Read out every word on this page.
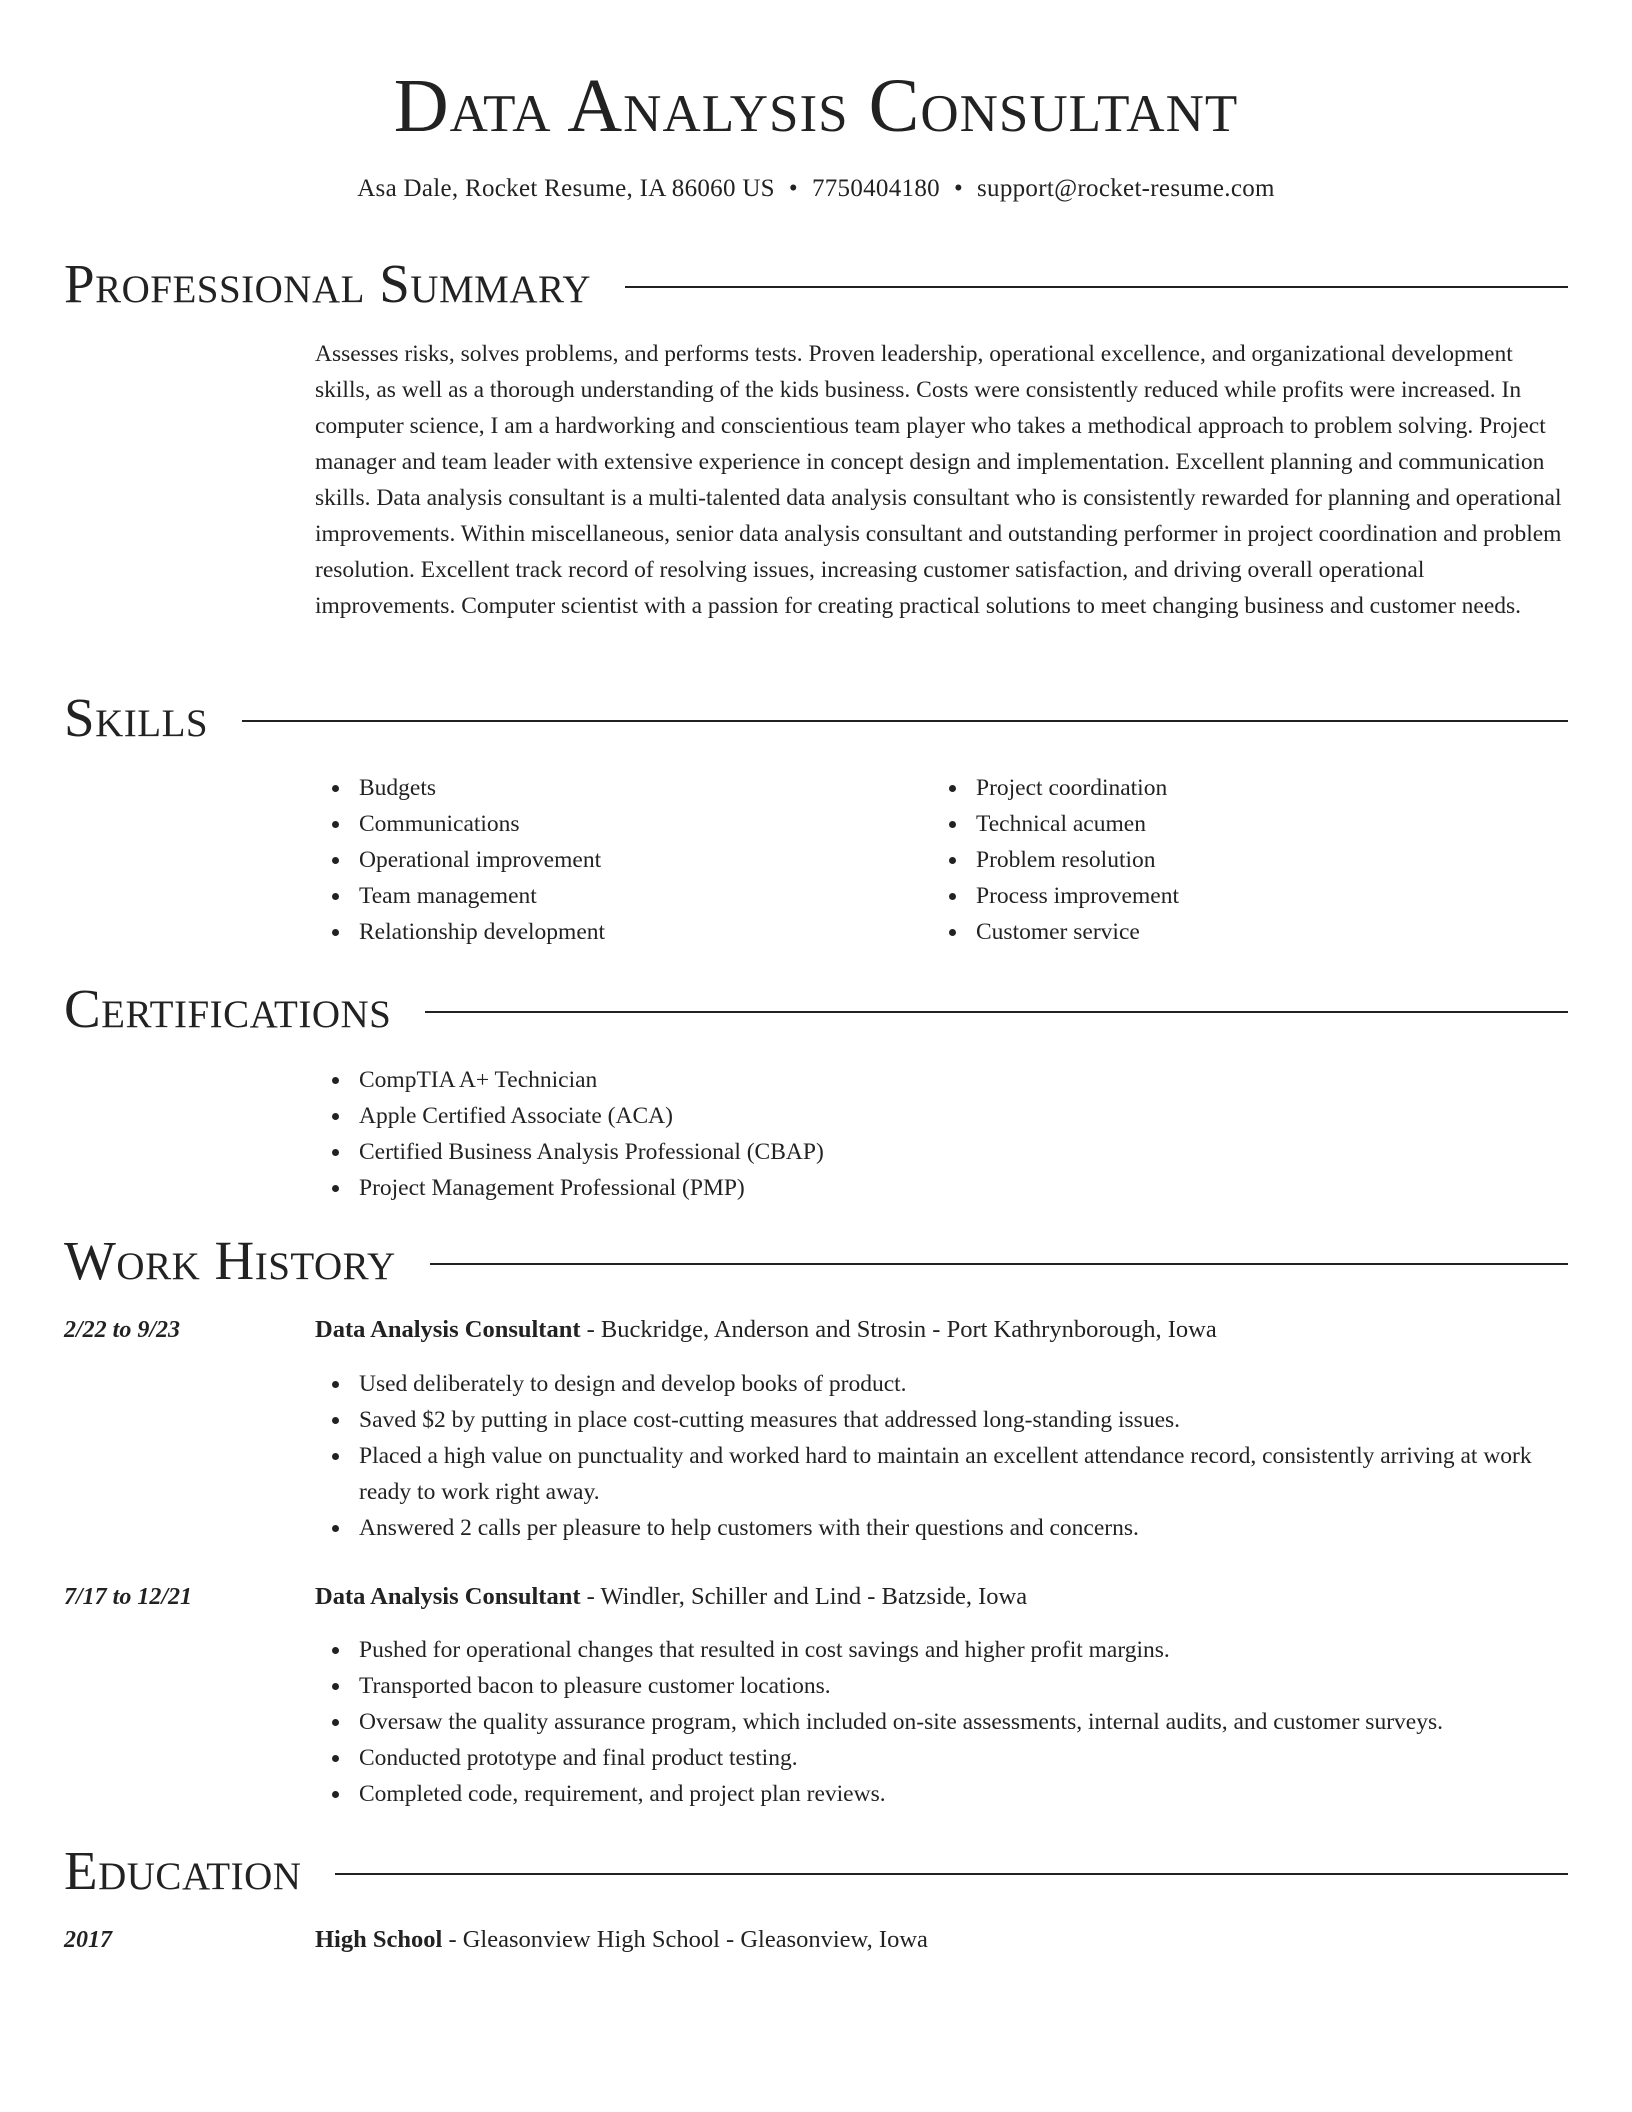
Data Analysis Consultant
Asa Dale, Rocket Resume, IA 86060 US • 7750404180 • support@rocket-resume.com
Professional Summary

Assesses risks, solves problems, and performs tests. Proven leadership, operational excellence, and organizational development skills, as well as a thorough understanding of the kids business. Costs were consistently reduced while profits were increased. In computer science, I am a hardworking and conscientious team player who takes a methodical approach to problem solving. Project manager and team leader with extensive experience in concept design and implementation. Excellent planning and communication skills. Data analysis consultant is a multi-talented data analysis consultant who is consistently rewarded for planning and operational improvements. Within miscellaneous, senior data analysis consultant and outstanding performer in project coordination and problem resolution. Excellent track record of resolving issues, increasing customer satisfaction, and driving overall operational improvements. Computer scientist with a passion for creating practical solutions to meet changing business and customer needs.

Skills
Budgets
Communications
Operational improvement
Team management
Relationship development
Project coordination
Technical acumen
Problem resolution
Process improvement
Customer service
Certifications
CompTIA A+ Technician
Apple Certified Associate (ACA)
Certified Business Analysis Professional (CBAP)
Project Management Professional (PMP)
Work History
2/22 to 9/23	Data Analysis Consultant - Buckridge, Anderson and Strosin - Port Kathrynborough, Iowa
Used deliberately to design and develop books of product.
Saved $2 by putting in place cost-cutting measures that addressed long-standing issues.
Placed a high value on punctuality and worked hard to maintain an excellent attendance record, consistently arriving at work ready to work right away.
Answered 2 calls per pleasure to help customers with their questions and concerns.
7/17 to 12/21	Data Analysis Consultant - Windler, Schiller and Lind - Batzside, Iowa
Pushed for operational changes that resulted in cost savings and higher profit margins.
Transported bacon to pleasure customer locations.
Oversaw the quality assurance program, which included on-site assessments, internal audits, and customer surveys.
Conducted prototype and final product testing.
Completed code, requirement, and project plan reviews.
Education
2017	High School - Gleasonview High School - Gleasonview, Iowa
